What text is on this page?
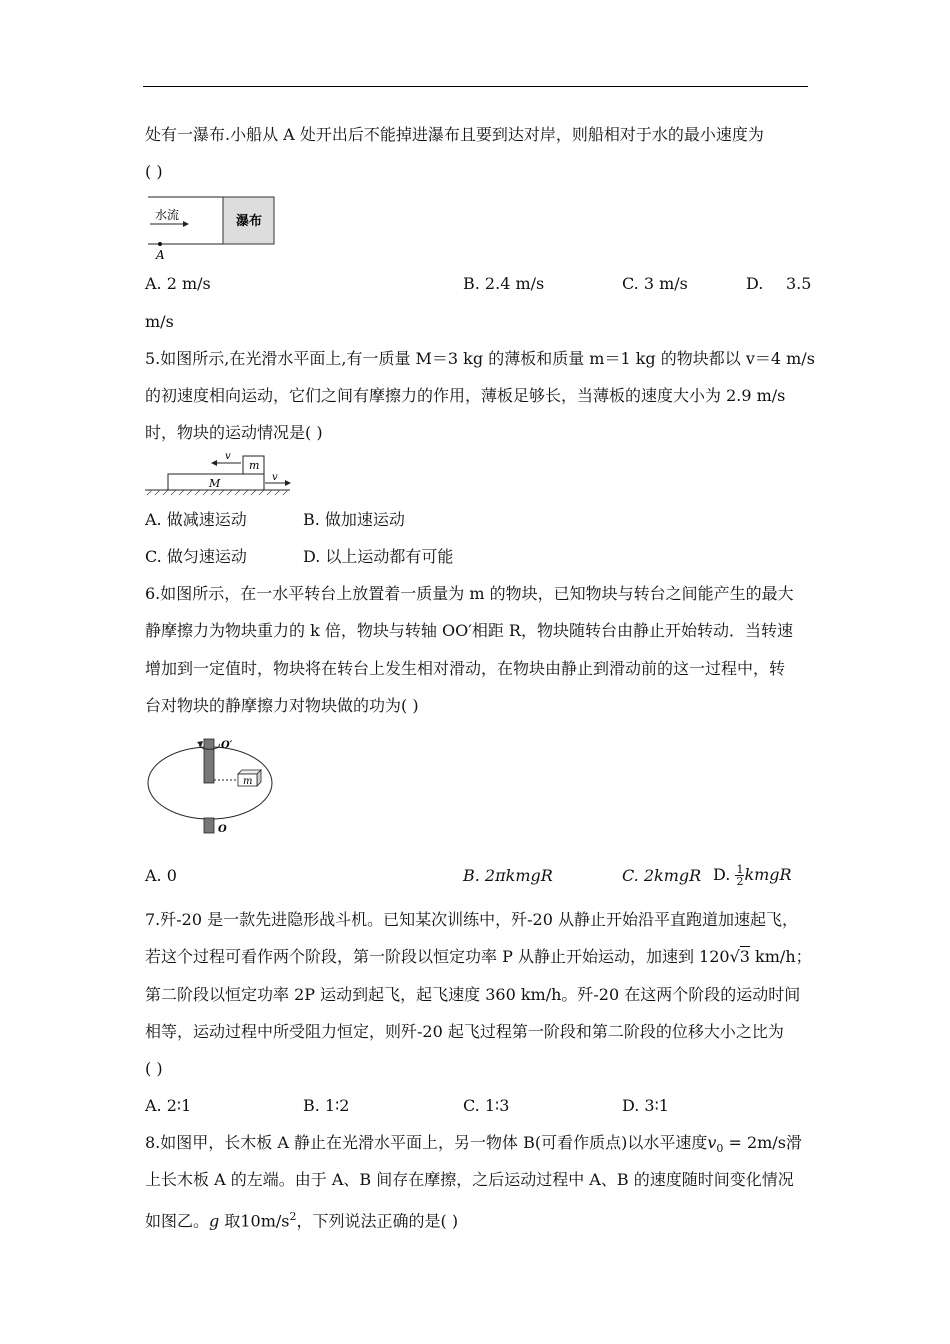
处有一瀑布.小船从 A 处开出后不能掉进瀑布且要到达对岸，则船相对于水的最小速度为
( )
瀑布
水流
A
A. 2 m/s	B. 2.4 m/s	C. 3 m/s	D. 3.5
m/s
5.如图所示,在光滑水平面上,有一质量 M＝3 kg 的薄板和质量 m＝1 kg 的物块都以 v＝4 m/s
的初速度相向运动，它们之间有摩擦力的作用，薄板足够长，当薄板的速度大小为 2.9 m/s
时，物块的运动情况是( )
M
m
v
v
A. 做减速运动	B. 做加速运动
C. 做匀速运动	D. 以上运动都有可能
6.如图所示，在一水平转台上放置着一质量为 m 的物块，已知物块与转台之间能产生的最大
静摩擦力为物块重力的 k 倍，物块与转轴 OO′相距 R，物块随转台由静止开始转动．当转速
增加到一定值时，物块将在转台上发生相对滑动，在物块由静止到滑动前的这一过程中，转
台对物块的静摩擦力对物块做的功为( )
O′
O
m
A. 0	B. 2πkmgR	C. 2kmgR D. $\frac{1}{2}$ kmgR
7.歼-20 是一款先进隐形战斗机。已知某次训练中，歼-20 从静止开始沿平直跑道加速起飞，
若这个过程可看作两个阶段，第一阶段以恒定功率 P 从静止开始运动，加速到 120√3 km/h；
第二阶段以恒定功率 2P 运动到起飞，起飞速度 360 km/h。歼-20 在这两个阶段的运动时间
相等，运动过程中所受阻力恒定，则歼-20 起飞过程第一阶段和第二阶段的位移大小之比为
( )
A. 2∶1	B. 1∶2	C. 1∶3	D. 3∶1
8.如图甲，长木板 A 静止在光滑水平面上，另一物体 B(可看作质点)以水平速度$v_0 = 2m/s$滑
上长木板 A 的左端。由于 A、B 间存在摩擦，之后运动过程中 A、B 的速度随时间变化情况
如图乙。g 取$10m/s^2$，下列说法正确的是( )
